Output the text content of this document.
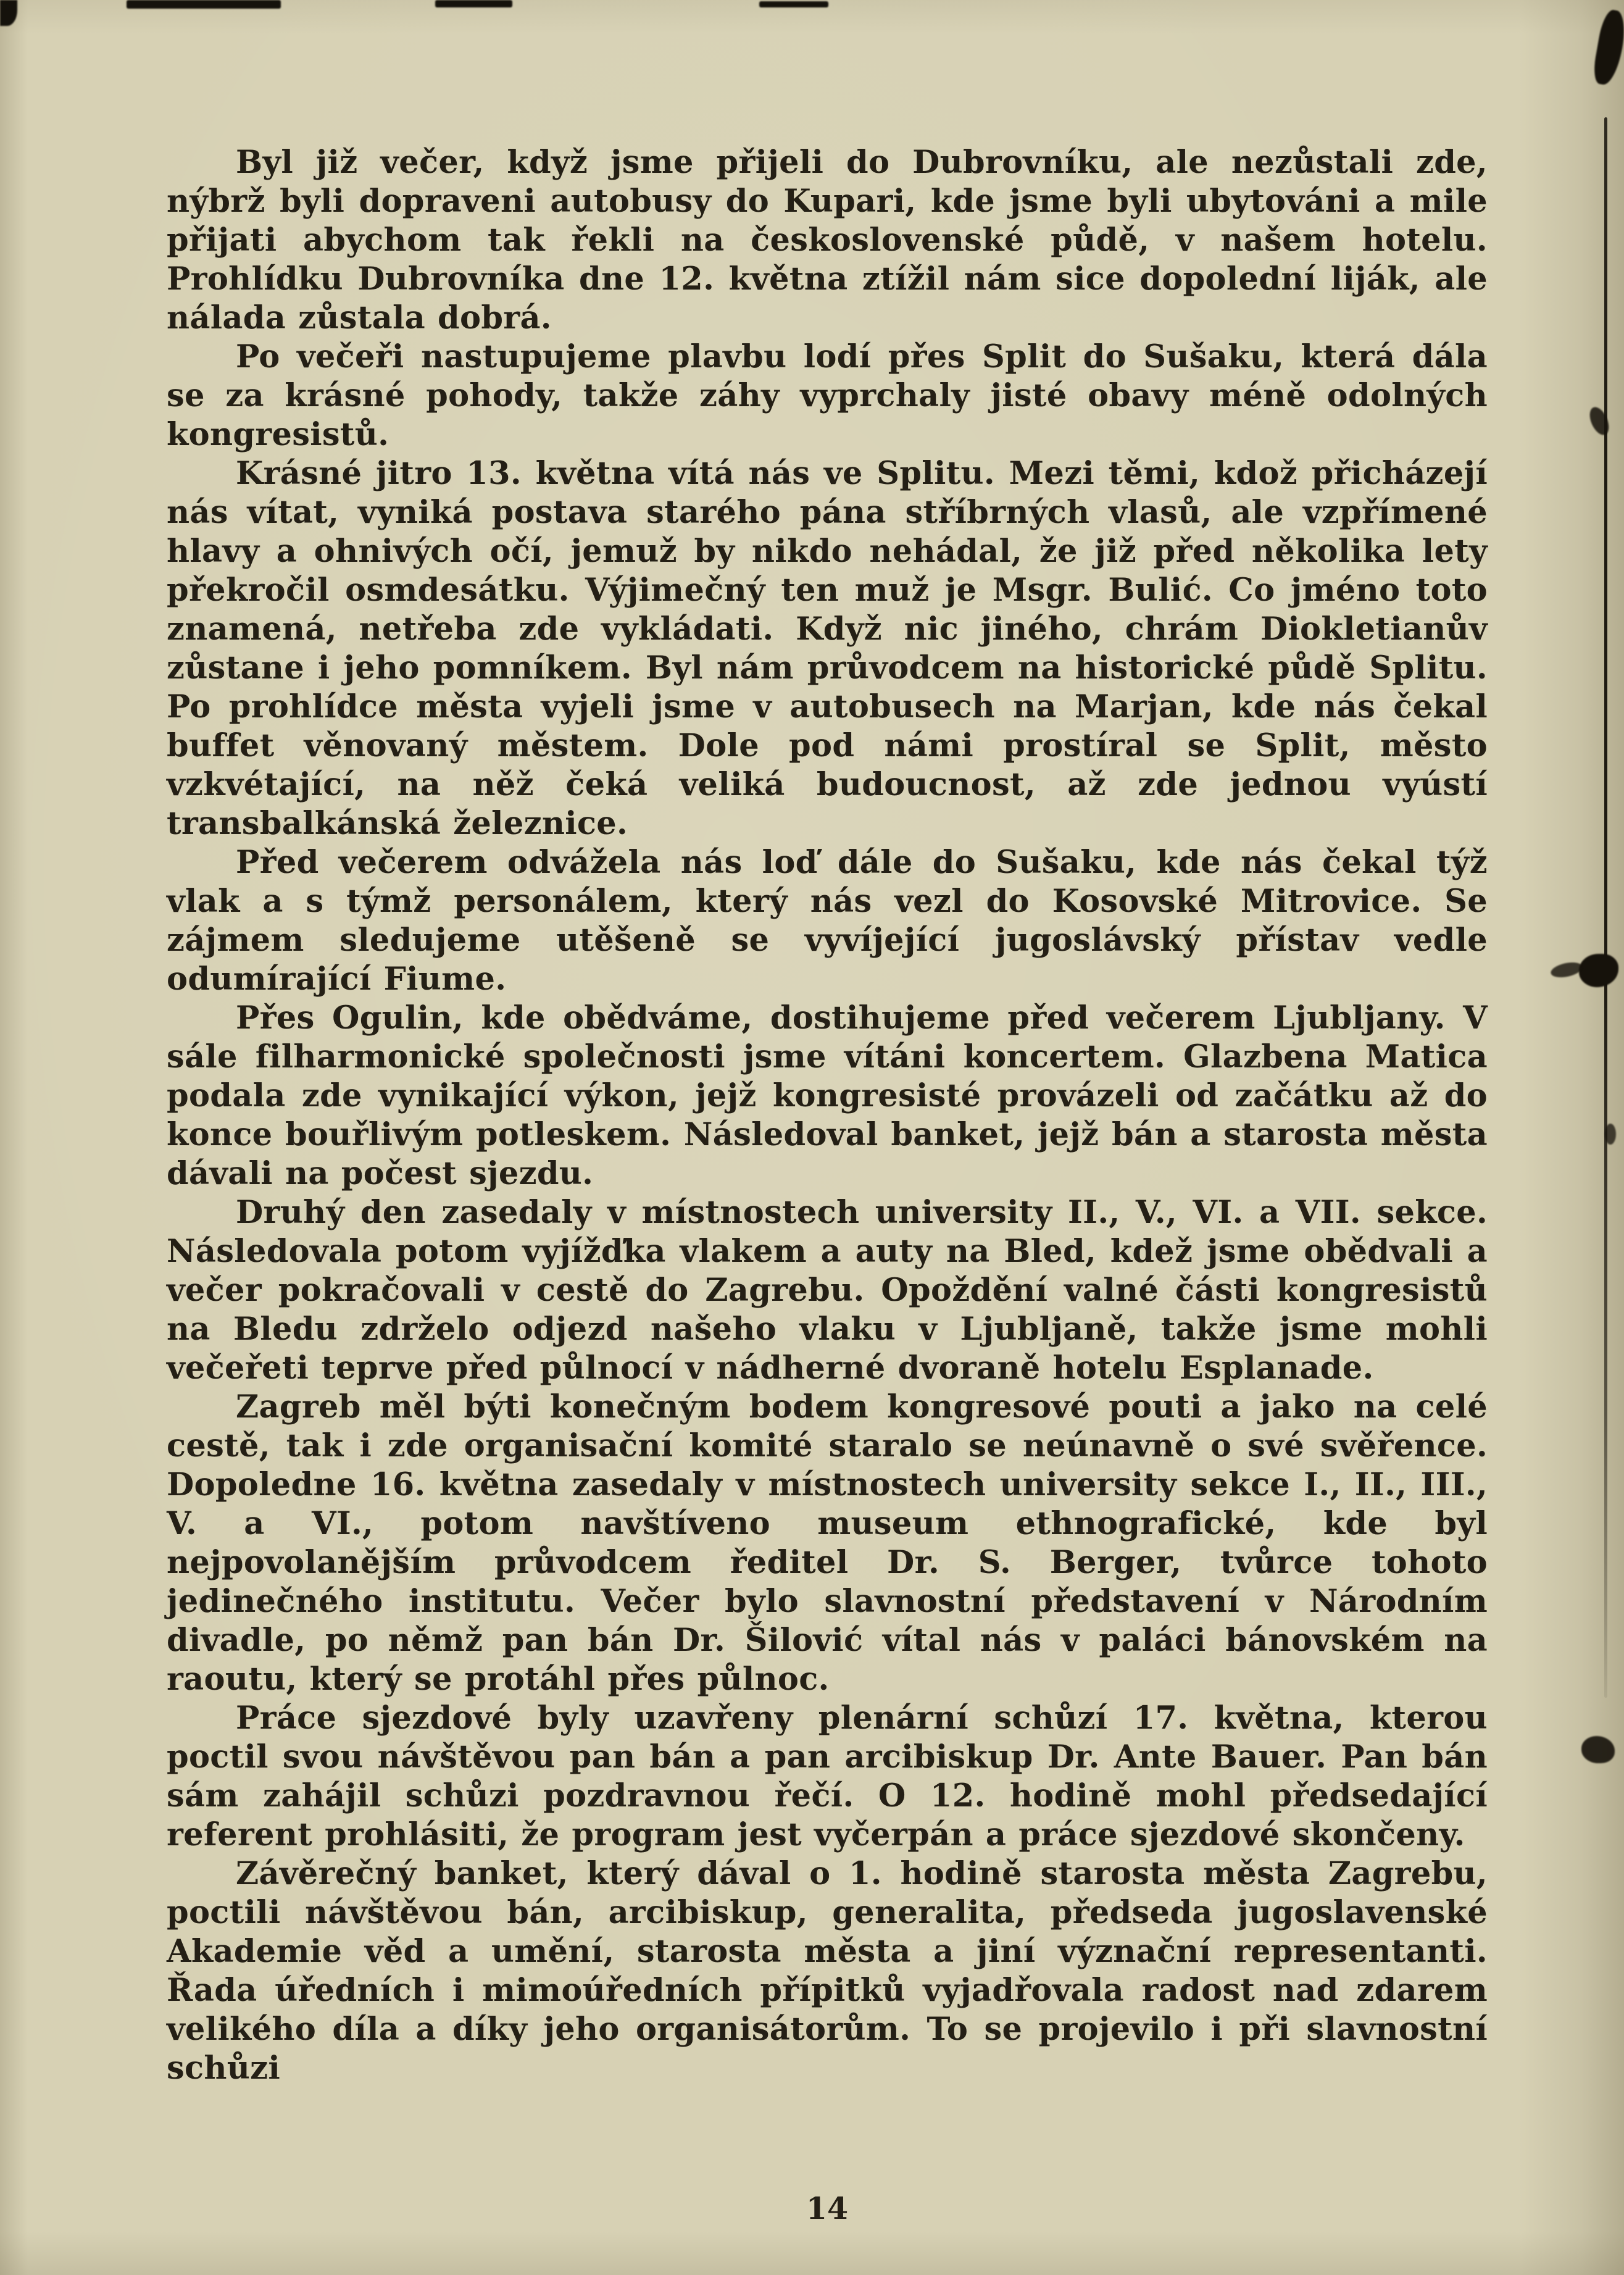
Byl již večer, když jsme přijeli do Dubrovníku, ale nezůstali zde, nýbrž byli dopraveni autobusy do Kupari, kde jsme byli ubytováni a mile přijati abychom tak řekli na československé půdě, v našem hotelu. Prohlídku Dubrovníka dne 12. května ztížil nám sice dopolední liják, ale nálada zůstala dobrá.

Po večeři nastupujeme plavbu lodí přes Split do Sušaku, která dála se za krásné pohody, takže záhy vyprchaly jisté obavy méně odolných kongresistů.

Krásné jitro 13. května vítá nás ve Splitu. Mezi těmi, kdož přicházejí nás vítat, vyniká postava starého pána stříbrných vlasů, ale vzpřímené hlavy a ohnivých očí, jemuž by nikdo nehádal, že již před několika lety překročil osmdesátku. Výjimečný ten muž je Msgr. Bulić. Co jméno toto znamená, netřeba zde vykládati. Když nic jiného, chrám Diokletianův zůstane i jeho pomníkem. Byl nám průvodcem na historické půdě Splitu. Po prohlídce města vyjeli jsme v autobusech na Marjan, kde nás čekal buffet věnovaný městem. Dole pod námi prostíral se Split, město vzkvétající, na něž čeká veliká budoucnost, až zde jednou vyústí transbalkánská železnice.

Před večerem odvážela nás loď dále do Sušaku, kde nás čekal týž vlak a s týmž personálem, který nás vezl do Kosovské Mitrovice. Se zájmem sledujeme utěšeně se vyvíjející jugoslávský přístav vedle odumírající Fiume.

Přes Ogulin, kde obědváme, dostihujeme před večerem Ljubljany. V sále filharmonické společnosti jsme vítáni koncertem. Glazbena Matica podala zde vynikající výkon, jejž kongresisté provázeli od začátku až do konce bouřlivým potleskem. Následoval banket, jejž bán a starosta města dávali na počest sjezdu.

Druhý den zasedaly v místnostech university II., V., VI. a VII. sekce. Následovala potom vyjížďka vlakem a auty na Bled, kdež jsme obědvali a večer pokračovali v cestě do Zagrebu. Opoždění valné části kongresistů na Bledu zdrželo odjezd našeho vlaku v Ljubljaně, takže jsme mohli večeřeti teprve před půlnocí v nádherné dvoraně hotelu Esplanade.

Zagreb měl býti konečným bodem kongresové pouti a jako na celé cestě, tak i zde organisační komité staralo se neúnavně o své svěřence. Dopoledne 16. května zasedaly v místnostech university sekce I., II., III., V. a VI., potom navštíveno museum ethnografické, kde byl nejpovolanějším průvodcem ředitel Dr. S. Berger, tvůrce tohoto jedinečného institutu. Večer bylo slavnostní představení v Národním divadle, po němž pan bán Dr. Šilović vítal nás v paláci bánovském na raoutu, který se protáhl přes půlnoc.

Práce sjezdové byly uzavřeny plenární schůzí 17. května, kterou poctil svou návštěvou pan bán a pan arcibiskup Dr. Ante Bauer. Pan bán sám zahájil schůzi pozdravnou řečí. O 12. hodině mohl předsedající referent prohlásiti, že program jest vyčerpán a práce sjezdové skončeny.

Závěrečný banket, který dával o 1. hodině starosta města Zagrebu, poctili návštěvou bán, arcibiskup, generalita, předseda jugoslavenské Akademie věd a umění, starosta města a jiní význační representanti. Řada úředních i mimoúředních přípitků vyjadřovala radost nad zdarem velikého díla a díky jeho organisátorům. To se projevilo i při slavnostní schůzi

14
